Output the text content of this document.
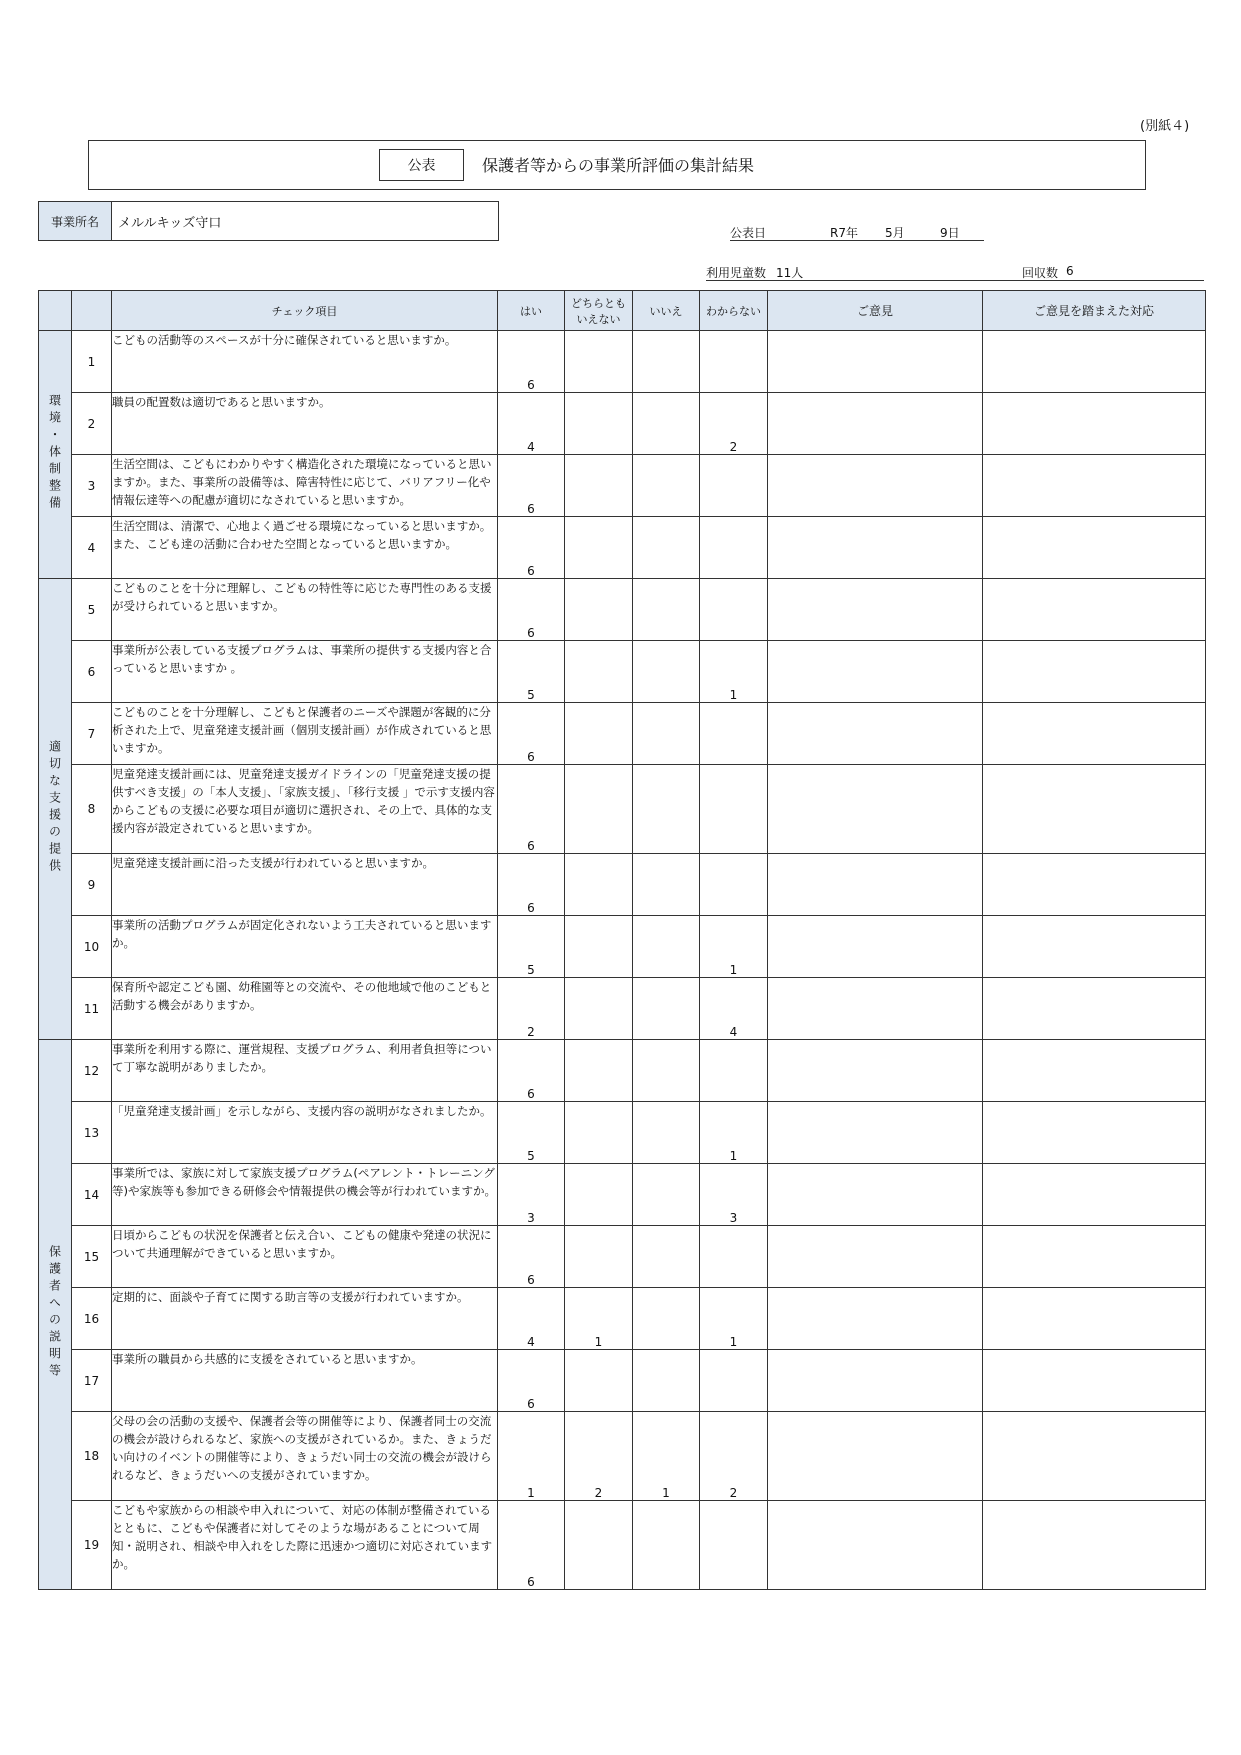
(別紙４)
公表	保護者等からの事業所評価の集計結果
事業所名	メルルキッズ守口
公表日	R7年 5月	9日
利用児童数 11人	回収数 6
		チェック項目	はい	どちらとも
いえない	いいえ	わからない	ご意見	ご意見を踏まえた対応
環境・体制整備	1	こどもの活動等のスペースが十分に確保されていると思いますか。	6					
	2	職員の配置数は適切であると思いますか。	4			2		
	3	生活空間は、こどもにわかりやすく構造化された環境になっていると思いますか。また、事業所の設備等は、障害特性に応じて、バリアフリー化や情報伝達等への配慮が適切になされていると思いますか。	6					
	4	生活空間は、清潔で、心地よく過ごせる環境になっていると思いますか。また、こども達の活動に合わせた空間となっていると思いますか。	6					
適切な支援の提供	5	こどものことを十分に理解し、こどもの特性等に応じた専門性のある支援が受けられていると思いますか。	6					
	6	事業所が公表している支援プログラムは、事業所の提供する支援内容と合っていると思いますか 。	5			1		
	7	こどものことを十分理解し、こどもと保護者のニーズや課題が客観的に分析された上で、児童発達支援計画（個別支援計画）が作成されていると思いますか。	6					
	8	児童発達支援計画には、児童発達支援ガイドラインの「児童発達支援の提供すべき支援」の「本人支援」、「家族支援」、「移行支援 」で示す支援内容からこどもの支援に必要な項目が適切に選択され、その上で、具体的な支援内容が設定されていると思いますか。	6					
	9	児童発達支援計画に沿った支援が行われていると思いますか。	6					
	10	事業所の活動プログラムが固定化されないよう工夫されていると思いますか。	5			1		
	11	保育所や認定こども園、幼稚園等との交流や、その他地域で他のこどもと活動する機会がありますか。	2			4		
保護者への説明等	12	事業所を利用する際に、運営規程、支援プログラム、利用者負担等について丁寧な説明がありましたか。	6					
	13	「児童発達支援計画」を示しながら、支援内容の説明がなされましたか。	5			1		
	14	事業所では、家族に対して家族支援プログラム(ペアレント・トレーニング等)や家族等も参加できる研修会や情報提供の機会等が行われていますか。	3			3		
	15	日頃からこどもの状況を保護者と伝え合い、こどもの健康や発達の状況について共通理解ができていると思いますか。	6					
	16	定期的に、面談や子育てに関する助言等の支援が行われていますか。	4	1		1		
	17	事業所の職員から共感的に支援をされていると思いますか。	6					
	18	父母の会の活動の支援や、保護者会等の開催等により、保護者同士の交流の機会が設けられるなど、家族への支援がされているか。また、きょうだい向けのイベントの開催等により、きょうだい同士の交流の機会が設けられるなど、きょうだいへの支援がされていますか。	1	2	1	2		
	19	こどもや家族からの相談や申入れについて、対応の体制が整備されているとともに、こどもや保護者に対してそのような場があることについて周知・説明され、相談や申入れをした際に迅速かつ適切に対応されていますか。	6					
